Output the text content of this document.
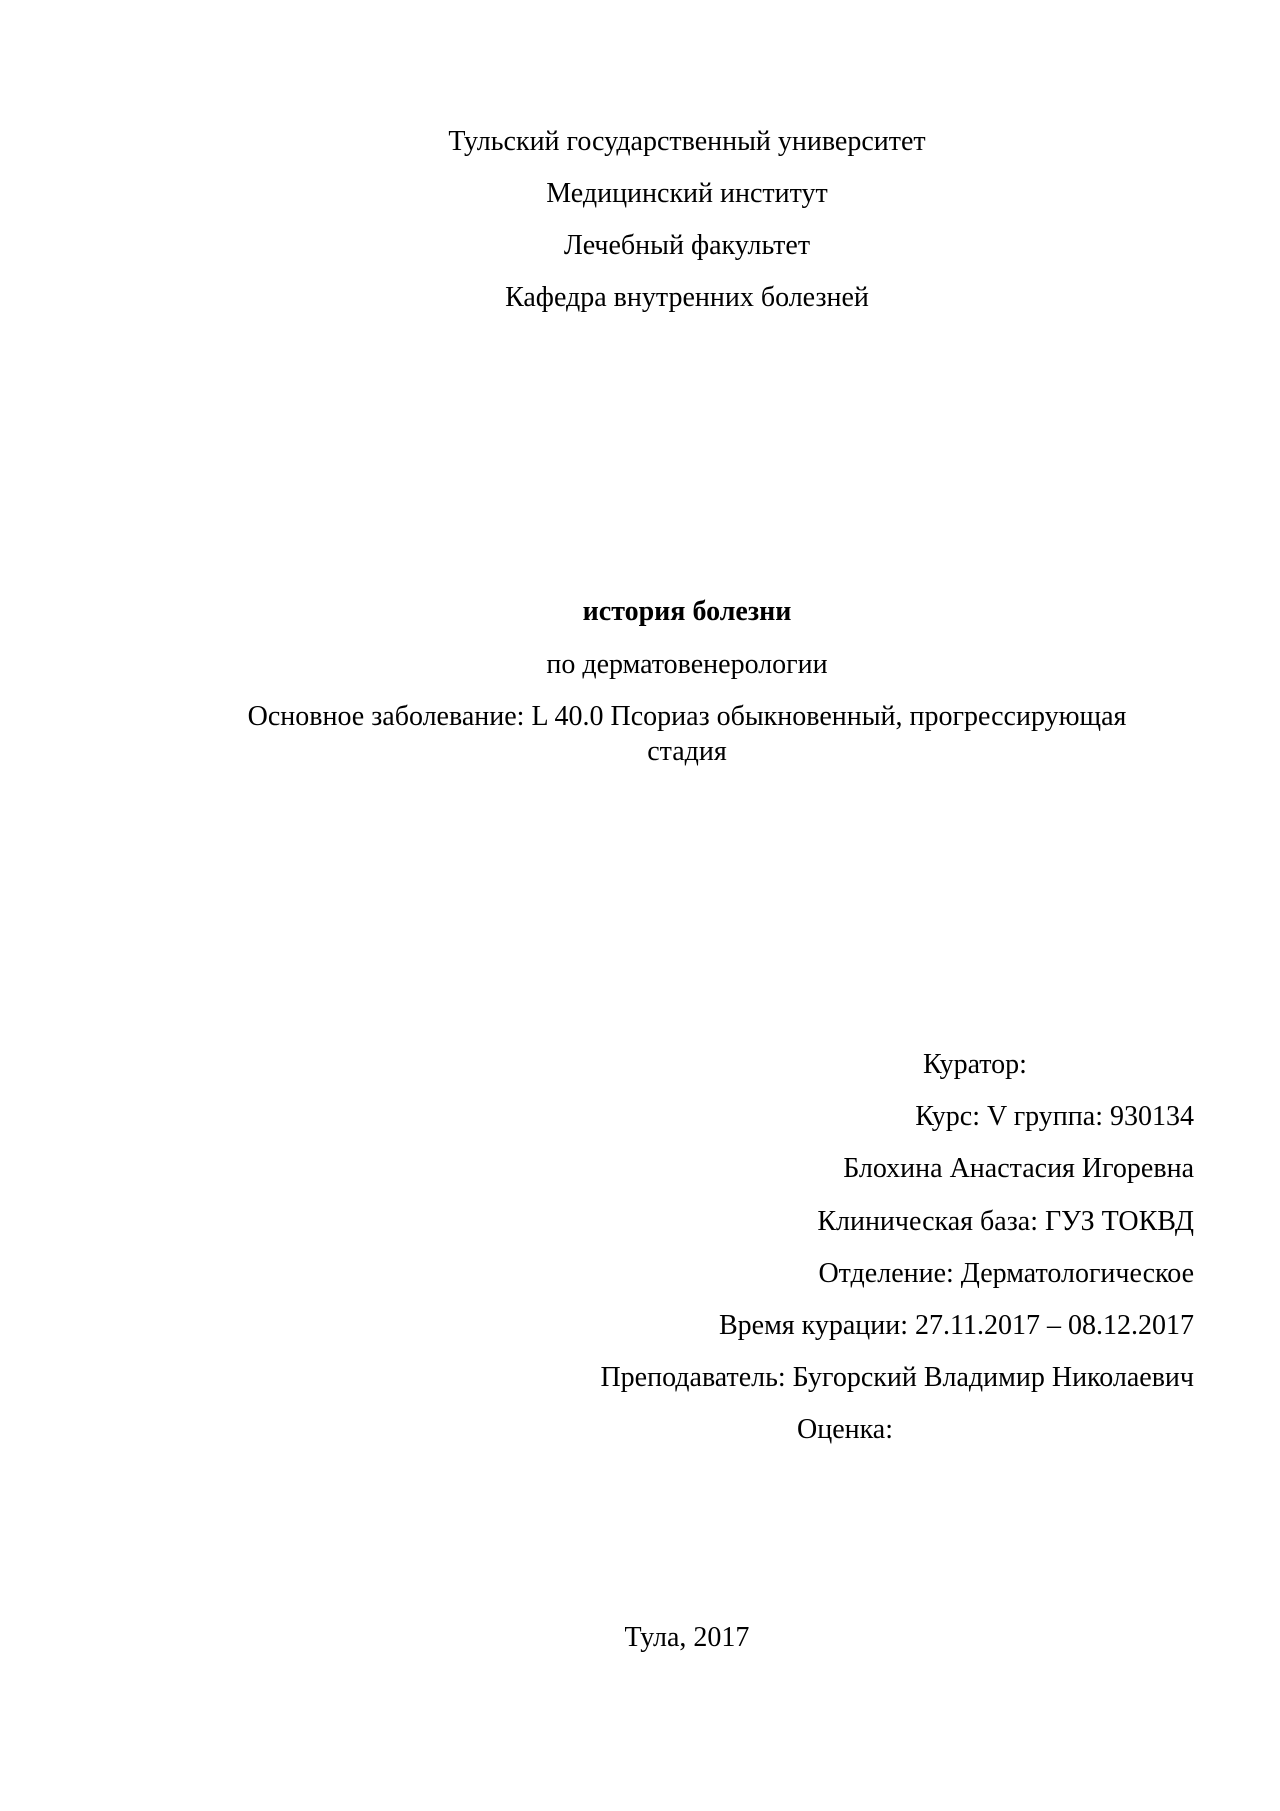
Тульский государственный университет
Медицинский институт
Лечебный факультет
Кафедра внутренних болезней
история болезни
по дерматовенерологии
Основное заболевание: L 40.0 Псориаз обыкновенный, прогрессирующая
стадия
Куратор:
Курс: V группа: 930134
Блохина Анастасия Игоревна
Клиническая база: ГУЗ ТОКВД
Отделение: Дерматологическое
Время курации: 27.11.2017 – 08.12.2017
Преподаватель: Бугорский Владимир Николаевич
Оценка:
Тула, 2017
